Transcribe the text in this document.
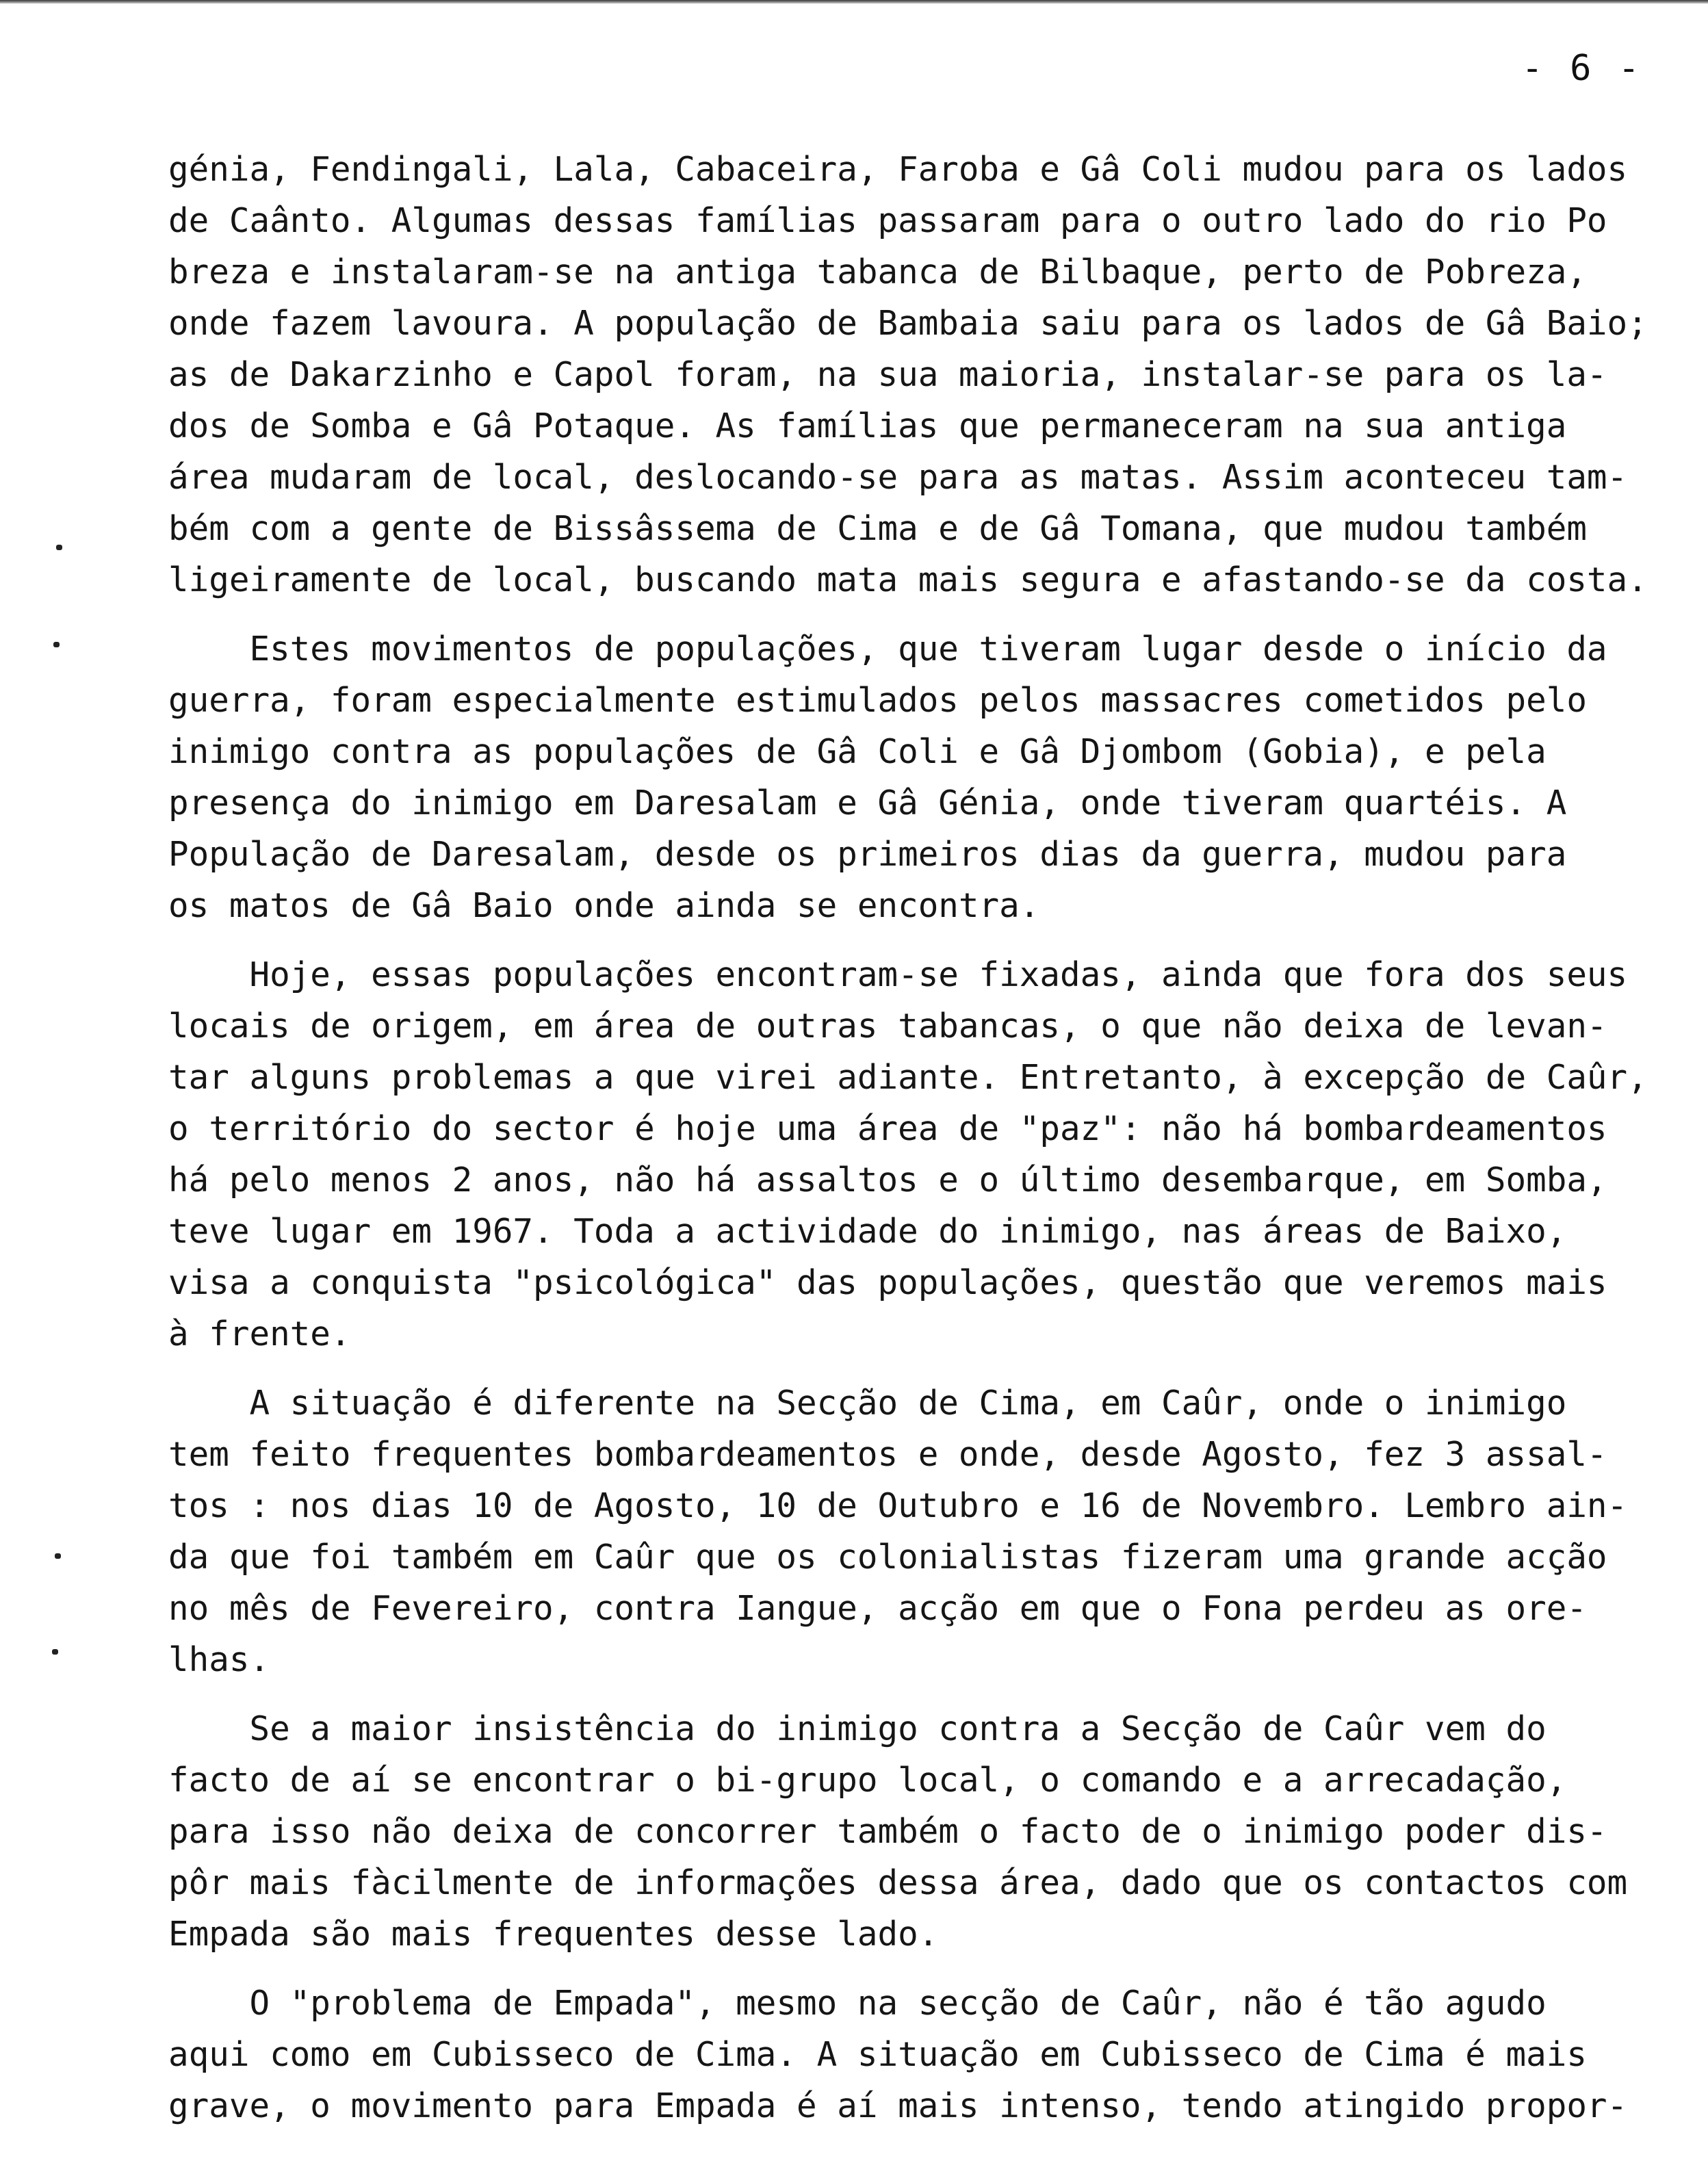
- 6 -
génia, Fendingali, Lala, Cabaceira, Faroba e Gâ Coli mudou para os lados
de Caânto. Algumas dessas famílias passaram para o outro lado do rio Po
breza e instalaram-se na antiga tabanca de Bilbaque, perto de Pobreza,
onde fazem lavoura. A população de Bambaia saiu para os lados de Gâ Baio;
as de Dakarzinho e Capol foram, na sua maioria, instalar-se para os la-
dos de Somba e Gâ Potaque. As famílias que permaneceram na sua antiga
área mudaram de local, deslocando-se para as matas. Assim aconteceu tam-
bém com a gente de Bissâssema de Cima e de Gâ Tomana, que mudou também
ligeiramente de local, buscando mata mais segura e afastando-se da costa.
Estes movimentos de populações, que tiveram lugar desde o início da
guerra, foram especialmente estimulados pelos massacres cometidos pelo
inimigo contra as populações de Gâ Coli e Gâ Djombom (Gobia), e pela
presença do inimigo em Daresalam e Gâ Génia, onde tiveram quartéis. A
População de Daresalam, desde os primeiros dias da guerra, mudou para
os matos de Gâ Baio onde ainda se encontra.
Hoje, essas populações encontram-se fixadas, ainda que fora dos seus
locais de origem, em área de outras tabancas, o que não deixa de levan-
tar alguns problemas a que virei adiante. Entretanto, à excepção de Caûr,
o território do sector é hoje uma área de "paz": não há bombardeamentos
há pelo menos 2 anos, não há assaltos e o último desembarque, em Somba,
teve lugar em 1967. Toda a actividade do inimigo, nas áreas de Baixo,
visa a conquista "psicológica" das populações, questão que veremos mais
à frente.
A situação é diferente na Secção de Cima, em Caûr, onde o inimigo
tem feito frequentes bombardeamentos e onde, desde Agosto, fez 3 assal-
tos : nos dias 10 de Agosto, 10 de Outubro e 16 de Novembro. Lembro ain-
da que foi também em Caûr que os colonialistas fizeram uma grande acção
no mês de Fevereiro, contra Iangue, acção em que o Fona perdeu as ore-
lhas.
Se a maior insistência do inimigo contra a Secção de Caûr vem do
facto de aí se encontrar o bi-grupo local, o comando e a arrecadação,
para isso não deixa de concorrer também o facto de o inimigo poder dis-
pôr mais fàcilmente de informações dessa área, dado que os contactos com
Empada são mais frequentes desse lado.
O "problema de Empada", mesmo na secção de Caûr, não é tão agudo
aqui como em Cubisseco de Cima. A situação em Cubisseco de Cima é mais
grave, o movimento para Empada é aí mais intenso, tendo atingido propor-
